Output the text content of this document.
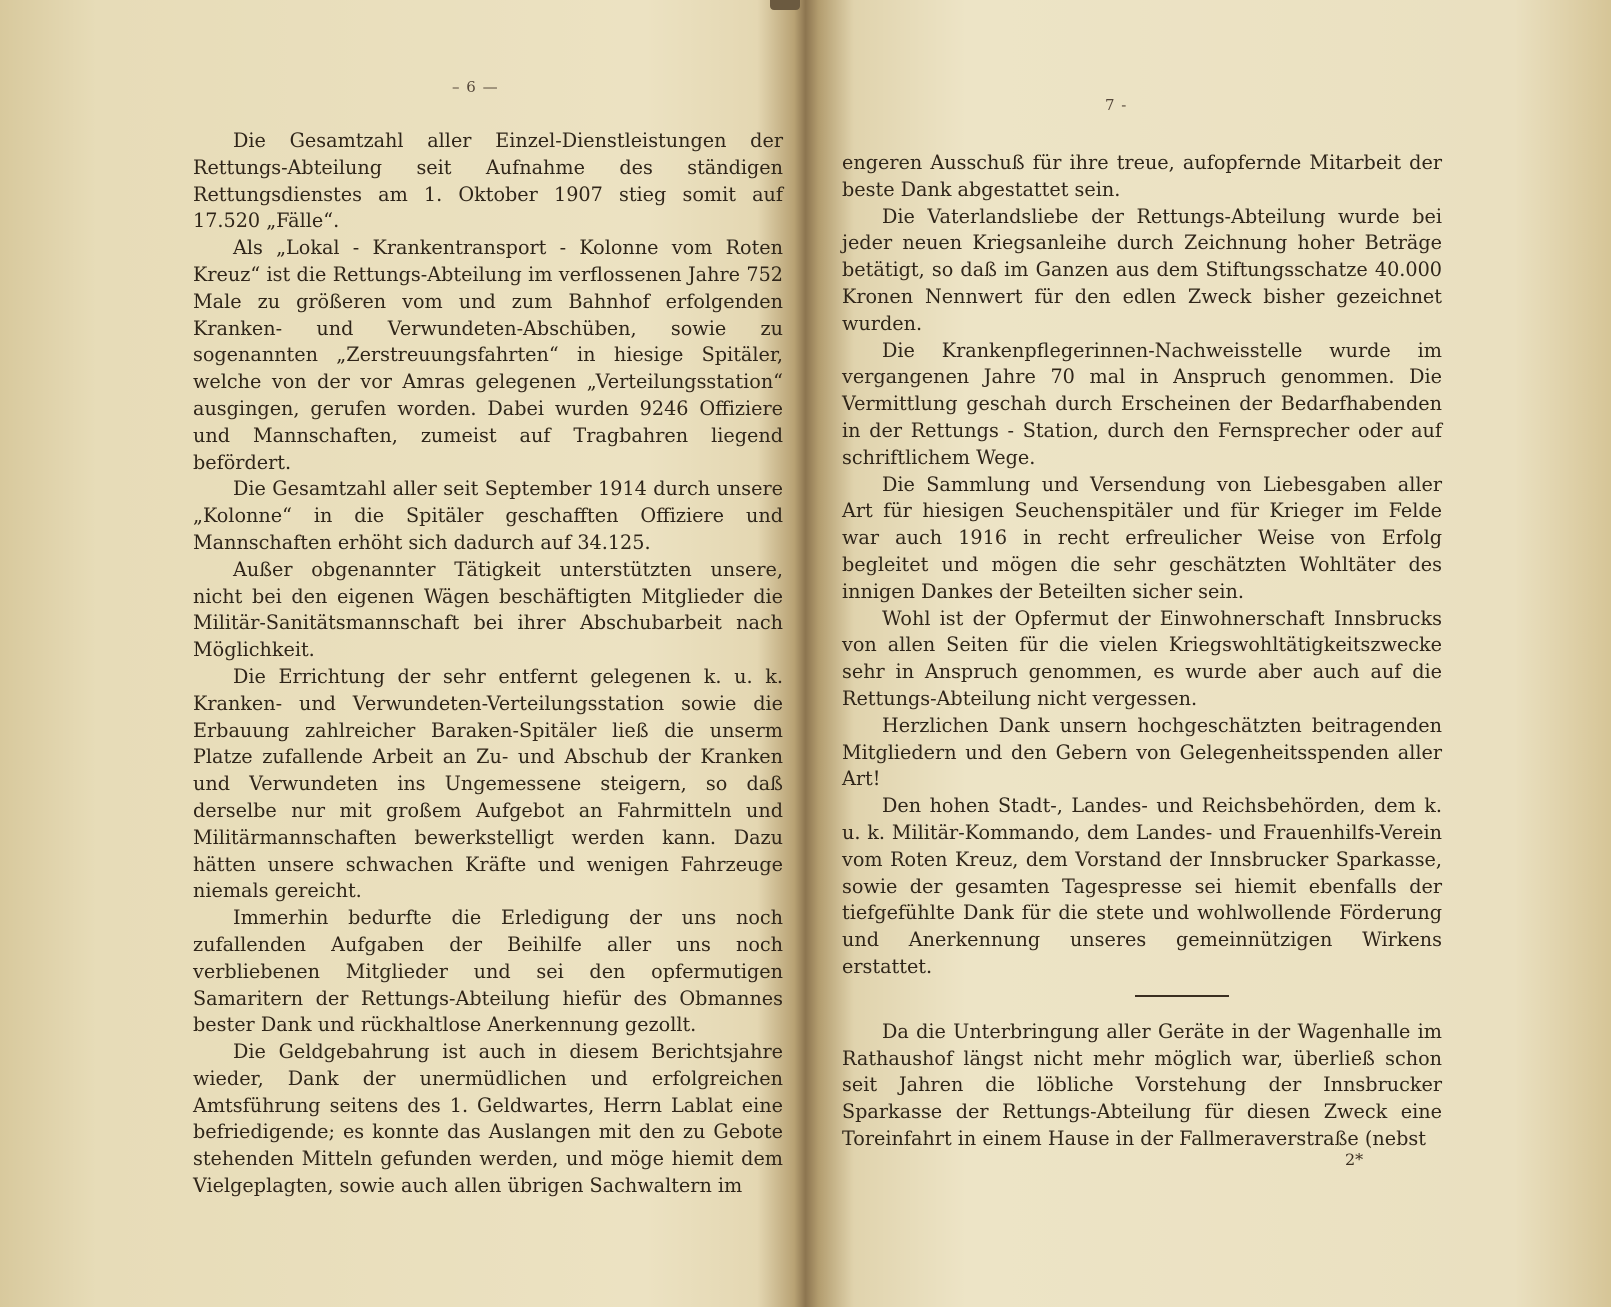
– 6 —

Die Gesamtzahl aller Einzel-Dienstleistungen der Rettungs-Abteilung seit Aufnahme des ständigen Rettungsdienstes am 1. Oktober 1907 stieg somit auf 17.520 „Fälle“.

Als „Lokal - Krankentransport - Kolonne vom Roten Kreuz“ ist die Rettungs-Abteilung im verflossenen Jahre 752 Male zu größeren vom und zum Bahnhof erfolgenden Kranken- und Verwundeten-Abschüben, sowie zu sogenannten „Zerstreuungsfahrten“ in hiesige Spitäler, welche von der vor Amras gelegenen „Verteilungsstation“ ausgingen, gerufen worden. Dabei wurden 9246 Offiziere und Mannschaften, zumeist auf Tragbahren liegend befördert.

Die Gesamtzahl aller seit September 1914 durch unsere „Kolonne“ in die Spitäler geschafften Offiziere und Mannschaften erhöht sich dadurch auf 34.125.

Außer obgenannter Tätigkeit unterstützten unsere, nicht bei den eigenen Wägen beschäftigten Mitglieder die Militär-Sanitätsmannschaft bei ihrer Abschubarbeit nach Möglichkeit.

Die Errichtung der sehr entfernt gelegenen k. u. k. Kranken- und Verwundeten-Verteilungsstation sowie die Erbauung zahlreicher Baraken-Spitäler ließ die unserm Platze zufallende Arbeit an Zu- und Abschub der Kranken und Verwundeten ins Ungemessene steigern, so daß derselbe nur mit großem Aufgebot an Fahrmitteln und Militärmannschaften bewerkstelligt werden kann. Dazu hätten unsere schwachen Kräfte und wenigen Fahrzeuge niemals gereicht.

Immerhin bedurfte die Erledigung der uns noch zufallenden Aufgaben der Beihilfe aller uns noch verbliebenen Mitglieder und sei den opfermutigen Samaritern der Rettungs-Abteilung hiefür des Obmannes bester Dank und rückhaltlose Anerkennung gezollt.

Die Geldgebahrung ist auch in diesem Berichtsjahre wieder, Dank der unermüdlichen und erfolgreichen Amtsführung seitens des 1. Geldwartes, Herrn Lablat eine befriedigende; es konnte das Auslangen mit den zu Gebote stehenden Mitteln gefunden werden, und möge hiemit dem Vielgeplagten, sowie auch allen übrigen Sachwaltern im

7 -

engeren Ausschuß für ihre treue, aufopfernde Mitarbeit der beste Dank abgestattet sein.

Die Vaterlandsliebe der Rettungs-Abteilung wurde bei jeder neuen Kriegsanleihe durch Zeichnung hoher Beträge betätigt, so daß im Ganzen aus dem Stiftungsschatze 40.000 Kronen Nennwert für den edlen Zweck bisher gezeichnet wurden.

Die Krankenpflegerinnen-Nachweisstelle wurde im vergangenen Jahre 70 mal in Anspruch genommen. Die Vermittlung geschah durch Erscheinen der Bedarfhabenden in der Rettungs - Station, durch den Fernsprecher oder auf schriftlichem Wege.

Die Sammlung und Versendung von Liebesgaben aller Art für hiesigen Seuchenspitäler und für Krieger im Felde war auch 1916 in recht erfreulicher Weise von Erfolg begleitet und mögen die sehr geschätzten Wohltäter des innigen Dankes der Beteilten sicher sein.

Wohl ist der Opfermut der Einwohnerschaft Innsbrucks von allen Seiten für die vielen Kriegswohltätigkeitszwecke sehr in Anspruch genommen, es wurde aber auch auf die Rettungs-Abteilung nicht vergessen.

Herzlichen Dank unsern hochgeschätzten beitragenden Mitgliedern und den Gebern von Gelegenheitsspenden aller Art!

Den hohen Stadt-, Landes- und Reichsbehörden, dem k. u. k. Militär-Kommando, dem Landes- und Frauenhilfs-Verein vom Roten Kreuz, dem Vorstand der Innsbrucker Sparkasse, sowie der gesamten Tagespresse sei hiemit ebenfalls der tiefgefühlte Dank für die stete und wohlwollende Förderung und Anerkennung unseres gemeinnützigen Wirkens erstattet.

Da die Unterbringung aller Geräte in der Wagenhalle im Rathaushof längst nicht mehr möglich war, überließ schon seit Jahren die löbliche Vorstehung der Innsbrucker Sparkasse der Rettungs-Abteilung für diesen Zweck eine Toreinfahrt in einem Hause in der Fallmeraverstraße (nebst

2*
